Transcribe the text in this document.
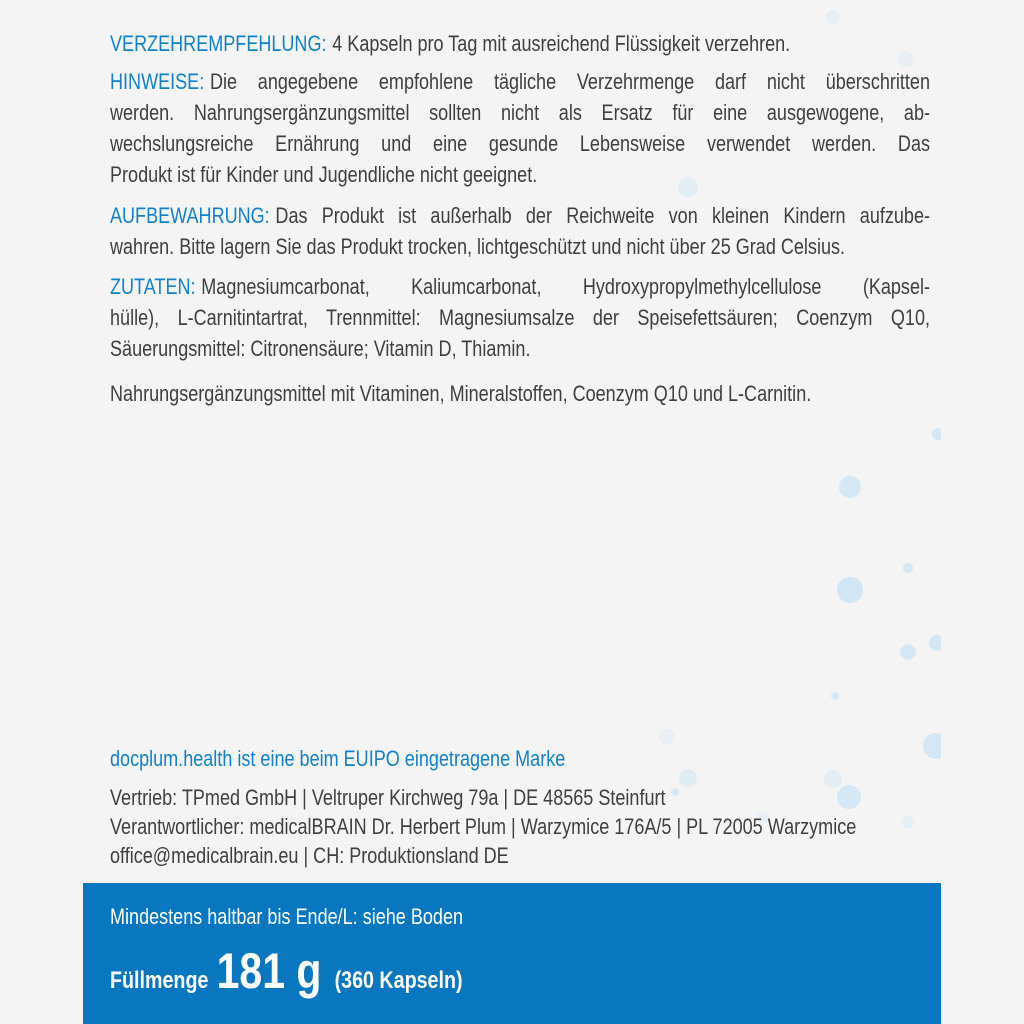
VERZEHREMPFEHLUNG: 4 Kapseln pro Tag mit ausreichend Flüssigkeit verzehren.
HINWEISE: Die angegebene empfohlene tägliche Verzehrmenge darf nicht überschritten
werden. Nahrungsergänzungsmittel sollten nicht als Ersatz für eine ausgewogene, ab-
wechslungsreiche Ernährung und eine gesunde Lebensweise verwendet werden. Das
Produkt ist für Kinder und Jugendliche nicht geeignet.
AUFBEWAHRUNG: Das Produkt ist außerhalb der Reichweite von kleinen Kindern aufzube-
wahren. Bitte lagern Sie das Produkt trocken, lichtgeschützt und nicht über 25 Grad Celsius.
ZUTATEN: Magnesiumcarbonat, Kaliumcarbonat, Hydroxypropylmethylcellulose (Kapsel-
hülle), L-Carnitintartrat, Trennmittel: Magnesiumsalze der Speisefettsäuren; Coenzym Q10,
Säuerungsmittel: Citronensäure; Vitamin D, Thiamin.
Nahrungsergänzungsmittel mit Vitaminen, Mineralstoffen, Coenzym Q10 und L-Carnitin.
docplum.health ist eine beim EUIPO eingetragene Marke
Vertrieb: TPmed GmbH | Veltruper Kirchweg 79a | DE 48565 Steinfurt
Verantwortlicher: medicalBRAIN Dr. Herbert Plum | Warzymice 176A/5 | PL 72005 Warzymice
office@medicalbrain.eu | CH: Produktionsland DE
Mindestens haltbar bis Ende/L: siehe Boden
Füllmenge 181 g (360 Kapseln)
